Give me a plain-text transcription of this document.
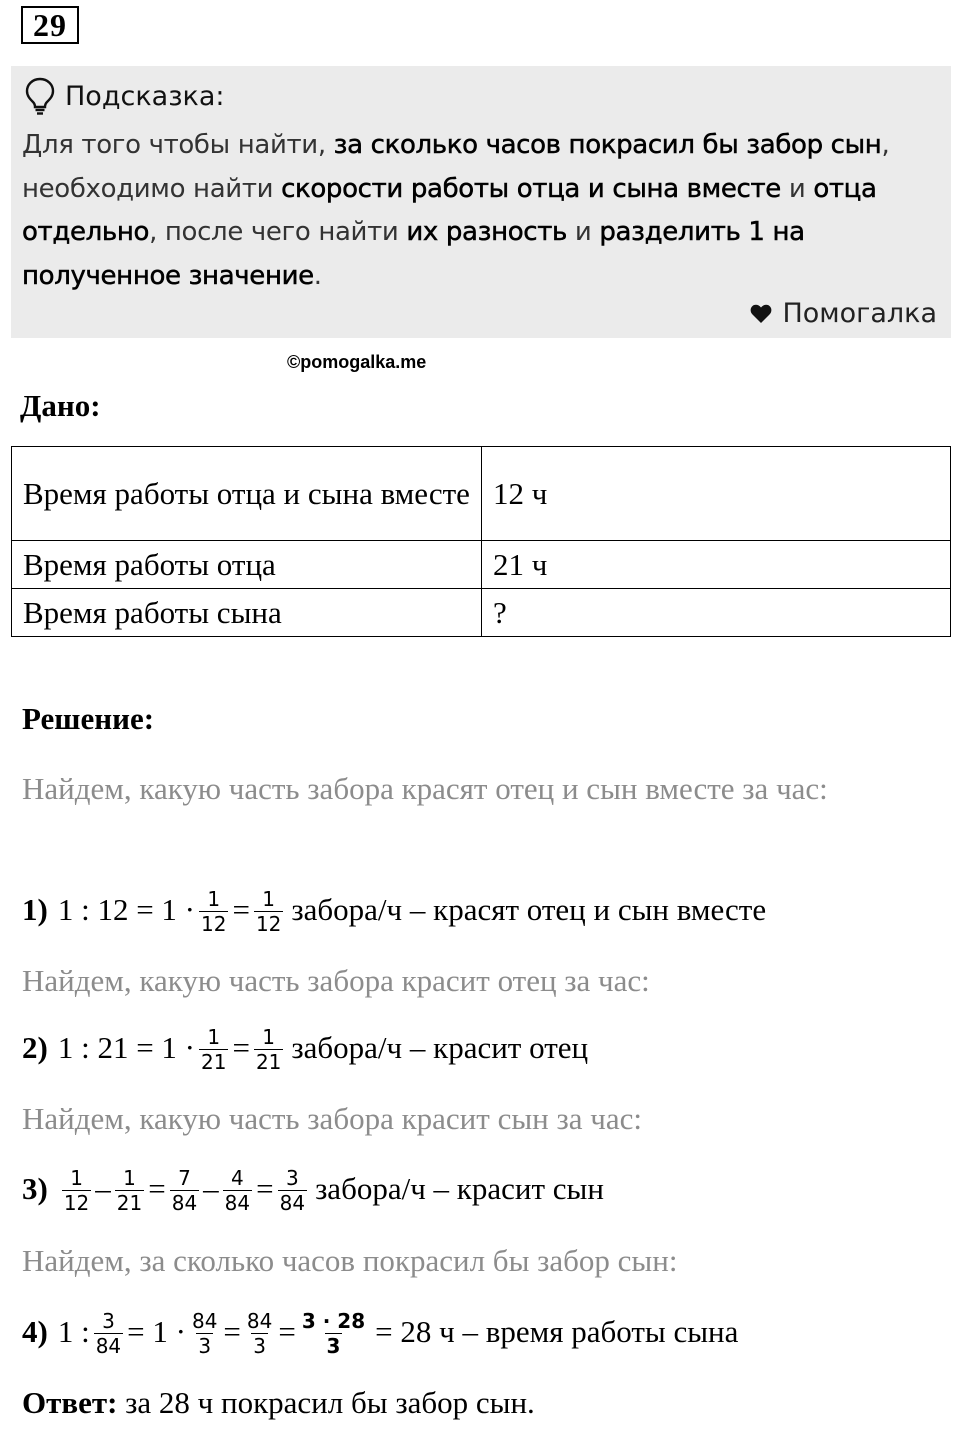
29
Подсказка:
Для того чтобы найти, за сколько часов покрасил бы забор сын, необходимо найти скорости работы отца и сына вместе и отца отдельно, после чего найти их разность и разделить 1 на полученное значение.
Помогалка
©pomogalka.me
Дано:
Время работы отца и сына вместе	12 ч
Время работы отца	21 ч
Время работы сына	?
Решение:
Найдем, какую часть забора красят отец и сын вместе за час:
1) 1 : $12 = 1 \cdot \frac{1}{12} = \frac{1}{12}$ забора/ч – красят отец и сын вместе
Найдем, какую часть забора красит отец за час:
2) 1 : $21 = 1 \cdot \frac{1}{21} = \frac{1}{21}$ забора/ч – красит отец
Найдем, какую часть забора красит сын за час:
$3) \frac{1}{12} - \frac{1}{21} = \frac{7}{84} - \frac{4}{84} = \frac{3}{84}$ забора/ч – красит сын
Найдем, за сколько часов покрасил бы забор сын:
4) 1 : $\frac{3}{84} = 1 \cdot \frac{84}{3} = \frac{84}{3} = \frac{3 \cdot 28}{3} = 28$ ч – время работы сына
Ответ: за 28 ч покрасил бы забор сын.
